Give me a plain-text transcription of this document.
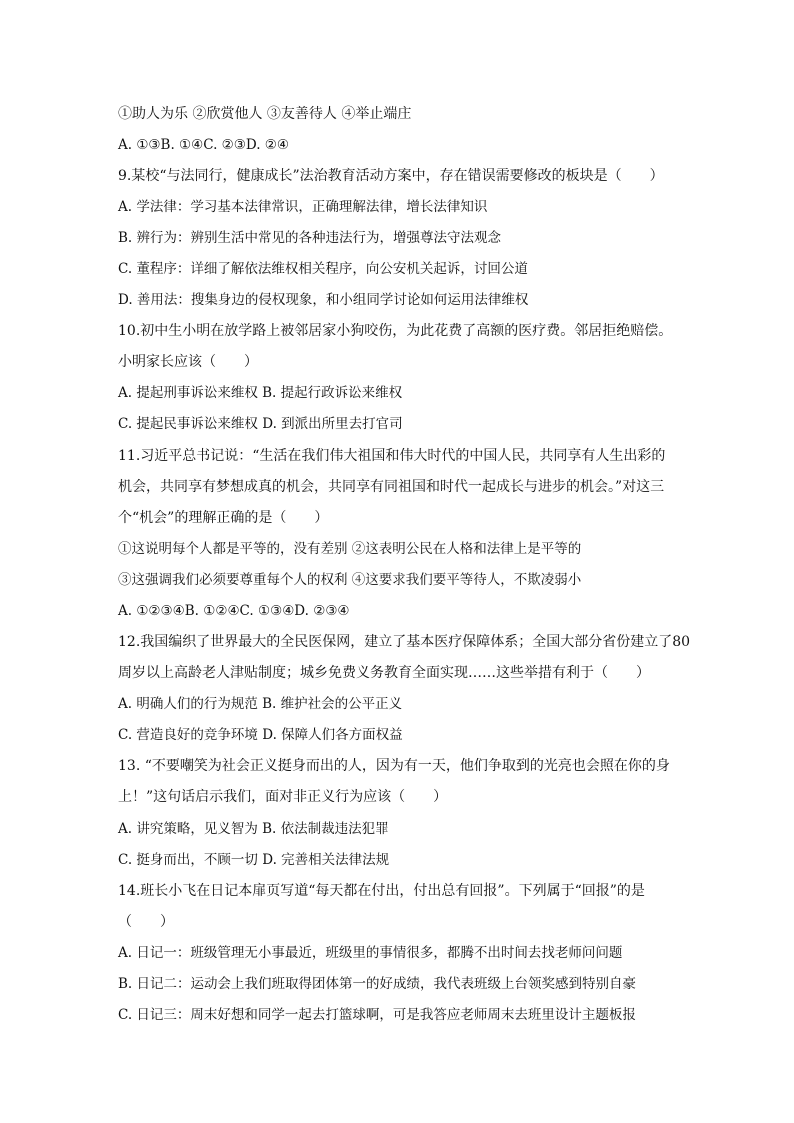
①助人为乐 ②欣赏他人 ③友善待人 ④举止端庄
A. ①③B. ①④C. ②③D. ②④
9.某校“与法同行，健康成长”法治教育活动方案中，存在错误需要修改的板块是（　　）
A. 学法律：学习基本法律常识，正确理解法律，增长法律知识
B. 辨行为：辨别生活中常见的各种违法行为，增强尊法守法观念
C. 董程序：详细了解依法维权相关程序，向公安机关起诉，讨回公道
D. 善用法：搜集身边的侵权现象，和小组同学讨论如何运用法律维权
10.初中生小明在放学路上被邻居家小狗咬伤，为此花费了高额的医疗费。邻居拒绝赔偿。
小明家长应该（　　）
A. 提起刑事诉讼来维权 B. 提起行政诉讼来维权
C. 提起民事诉讼来维权 D. 到派出所里去打官司
11.习近平总书记说：“生活在我们伟大祖国和伟大时代的中国人民，共同享有人生出彩的
机会，共同享有梦想成真的机会，共同享有同祖国和时代一起成长与进步的机会。”对这三
个“机会”的理解正确的是（　　）
①这说明每个人都是平等的，没有差别 ②这表明公民在人格和法律上是平等的
③这强调我们必须要尊重每个人的权利 ④这要求我们要平等待人，不欺凌弱小
A. ①②③④B. ①②④C. ①③④D. ②③④
12.我国编织了世界最大的全民医保网，建立了基本医疗保障体系；全国大部分省份建立了80
周岁以上高龄老人津贴制度；城乡免费义务教育全面实现……这些举措有利于（　　）
A. 明确人们的行为规范 B. 维护社会的公平正义
C. 营造良好的竞争环境 D. 保障人们各方面权益
13. “不要嘲笑为社会正义挺身而出的人，因为有一天，他们争取到的光亮也会照在你的身
上！”这句话启示我们，面对非正义行为应该（　　）
A. 讲究策略，见义智为 B. 依法制裁违法犯罪
C. 挺身而出，不顾一切 D. 完善相关法律法规
14.班长小飞在日记本扉页写道“每天都在付出，付出总有回报”。下列属于“回报”的是
（　　）
A. 日记一：班级管理无小事最近，班级里的事情很多，都腾不出时间去找老师问问题
B. 日记二：运动会上我们班取得团体第一的好成绩，我代表班级上台领奖感到特别自豪
C. 日记三：周末好想和同学一起去打篮球啊，可是我答应老师周末去班里设计主题板报
